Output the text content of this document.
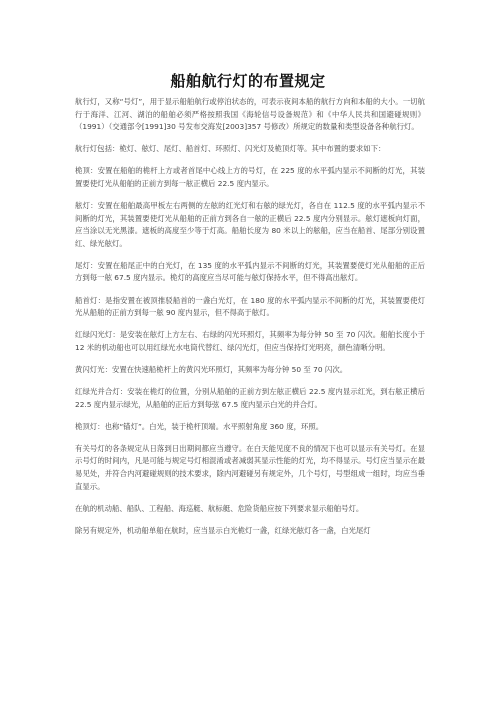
船舶航行灯的布置规定

航行灯，又称“号灯”，用于显示船舶航行或停泊状态的，可表示夜间本船的航行方向和本船的大小。一切航行于海洋、江河、湖泊的船舶必须严格按照我国《海轮信号设备规范》和《中华人民共和国避碰规则》（1991）（交通部令[1991]30 号发布交海发[2003]357 号修改）所规定的数量和类型设备各种航行灯。

航行灯包括：桅灯、舷灯、尾灯、船首灯、环照灯、闪光灯及桅顶灯等。其中布置的要求如下：

桅顶：安置在船舶的桅杆上方或者首尾中心线上方的号灯，在 225 度的水平弧内显示不间断的灯光，其装置要使灯光从船舶的正前方到每一舷正横后 22.5 度内显示。

舷灯：安置在船舶最高甲板左右两侧的左舷的红光灯和右舷的绿光灯，各自在 112.5 度的水平弧内显示不间断的灯光，其装置要使灯光从船舶的正前方到各自一舷的正横后 22.5 度内分别显示。舷灯遮板向灯面，应当涂以无光黑漆。遮板的高度至少等于灯高。船舶长度为 80 米以上的舷船，应当在船首、尾部分别设置红、绿光舷灯。

尾灯：安置在船尾正中的白光灯，在 135 度的水平弧内显示不间断的灯光，其装置要使灯光从船舶的正后方到每一舷 67.5 度内显示。桅灯的高度应当尽可能与舷灯保持水平，但不得高出舷灯。

船首灯：是指安置在被顶推驳船首的一盏白光灯，在 180 度的水平弧内显示不间断的灯光，其装置要使灯光从船舶的正前方到每一舷 90 度内显示，但不得高于舷灯。

红绿闪光灯：是安装在舷灯上方左右、右绿的闪光环照灯，其频率为每分钟 50 至 70 闪次。船舶长度小于 12 米的机动船也可以用红绿光水电筒代替红、绿闪光灯，但应当保持灯光明亮，颜色清晰分明。

黄闪灯光：安置在快速船桅杆上的黄闪光环照灯，其频率为每分钟 50 至 70 闪次。

红绿光并合灯：安装在桅灯的位置，分别从船舶的正前方到左舷正横后 22.5 度内显示红光，到右舷正横后 22.5 度内显示绿光，从船舶的正后方到每弦 67.5 度内显示白光的并合灯。

桅顶灯：也称“锚灯”。白光，装于桅杆顶端。水平照射角度 360 度，环照。

有关号灯的各条规定从日落到日出期间都应当遵守。在白天能见度不良的情况下也可以显示有关号灯。在显示号灯的时间内，凡是可能与规定号灯相混淆或者减弱其显示性能的灯光，均不得显示。号灯应当显示在最易见处，并符合内河避碰规则的技术要求，除内河避碰另有规定外，几个号灯，号型组成一组时，均应当垂直显示。

在航的机动船、船队、工程船、海巡艇、航标艇、危险货船应按下列要求显示船舶号灯。

除另有规定外，机动船单船在航时，应当显示白光桅灯一盏，红绿光舷灯各一盏，白光尾灯
